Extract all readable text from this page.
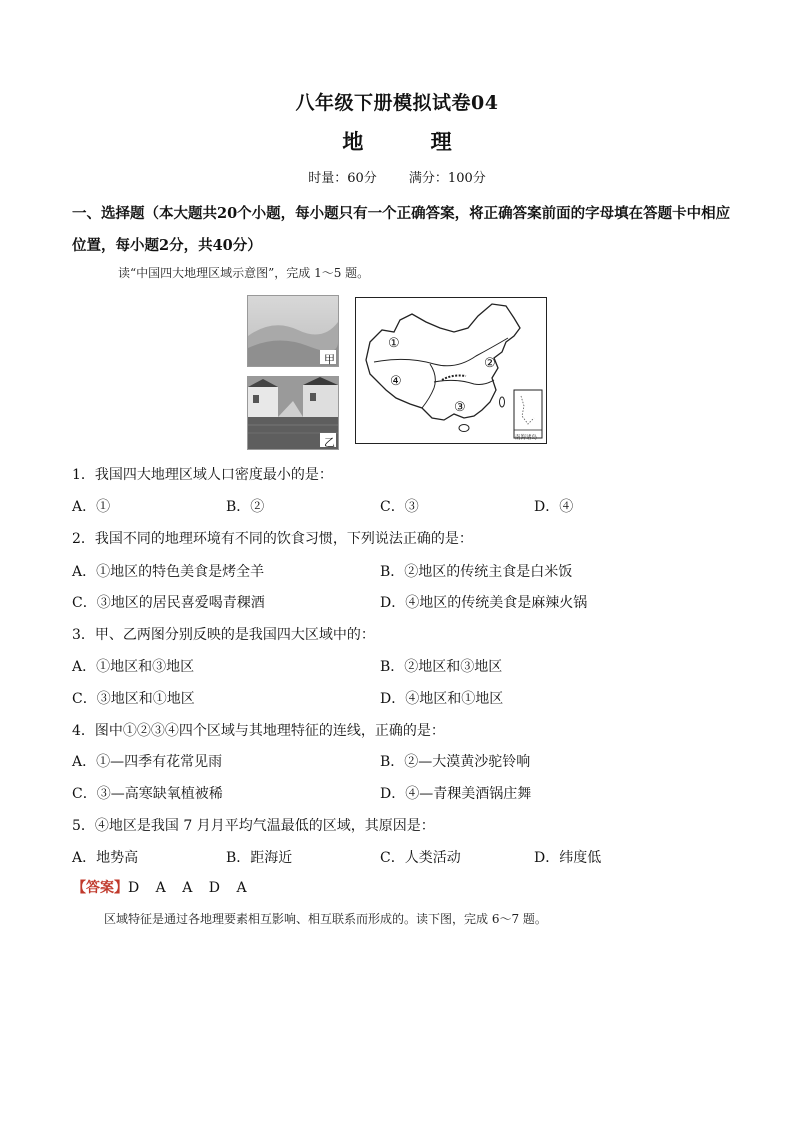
八年级下册模拟试卷04
地 理
时量：60分 满分：100分
一、选择题（本大题共20个小题，每小题只有一个正确答案，将正确答案前面的字母填在答题卡中相应位置，每小题2分，共40分）
读“中国四大地理区域示意图”，完成 1～5 题。
甲
乙
①
②
③
④
南海诸岛
1．我国四大地理区域人口密度最小的是：
A．①	B．②	C．③	D．④
2．我国不同的地理环境有不同的饮食习惯，下列说法正确的是：
A．①地区的特色美食是烤全羊	B．②地区的传统主食是白米饭
C．③地区的居民喜爱喝青稞酒	D．④地区的传统美食是麻辣火锅
3．甲、乙两图分别反映的是我国四大区域中的：
A．①地区和③地区	B．②地区和③地区
C．③地区和①地区	D．④地区和①地区
4．图中①②③④四个区域与其地理特征的连线，正确的是：
A．①—四季有花常见雨	B．②—大漠黄沙驼铃响
C．③—高寒缺氧植被稀	D．④—青稞美酒锅庄舞
5．④地区是我国 7 月月平均气温最低的区域，其原因是：
A．地势高	B．距海近	C．人类活动	D．纬度低
【答案】D A A D A
区域特征是通过各地理要素相互影响、相互联系而形成的。读下图，完成 6～7 题。
